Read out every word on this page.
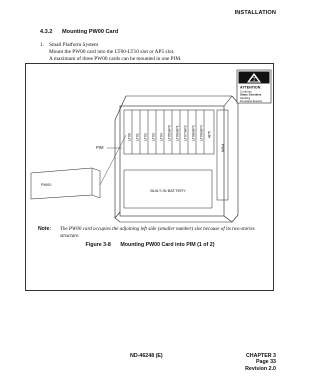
INSTALLATION
4.3.2 Mounting PW00 Card
1. Small Platform System
Mount the PW00 card into the LT00-LT10 slot or AP5 slot.
A maximum of three PW00 cards can be mounted in one PIM.
LT00 LT01 LT02 LT03 LT04 LT05/AP0 LT06/AP1 LT07/AP2 LT08/AP3 LT09/AP4 AP5
PWR
BUILT-IN BATTERY
PIM
PW00
ATTENTION
Contents
Static Sensitive
Handling
Precautions Required
Note: The PW00 card occupies the adjoining left side (smaller number) slot because of its two-stories structure.
Figure 3-8 Mounting PW00 Card into PIM (1 of 2)
ND-46248 (E)	CHAPTER 3
Page 33
Revision 2.0
